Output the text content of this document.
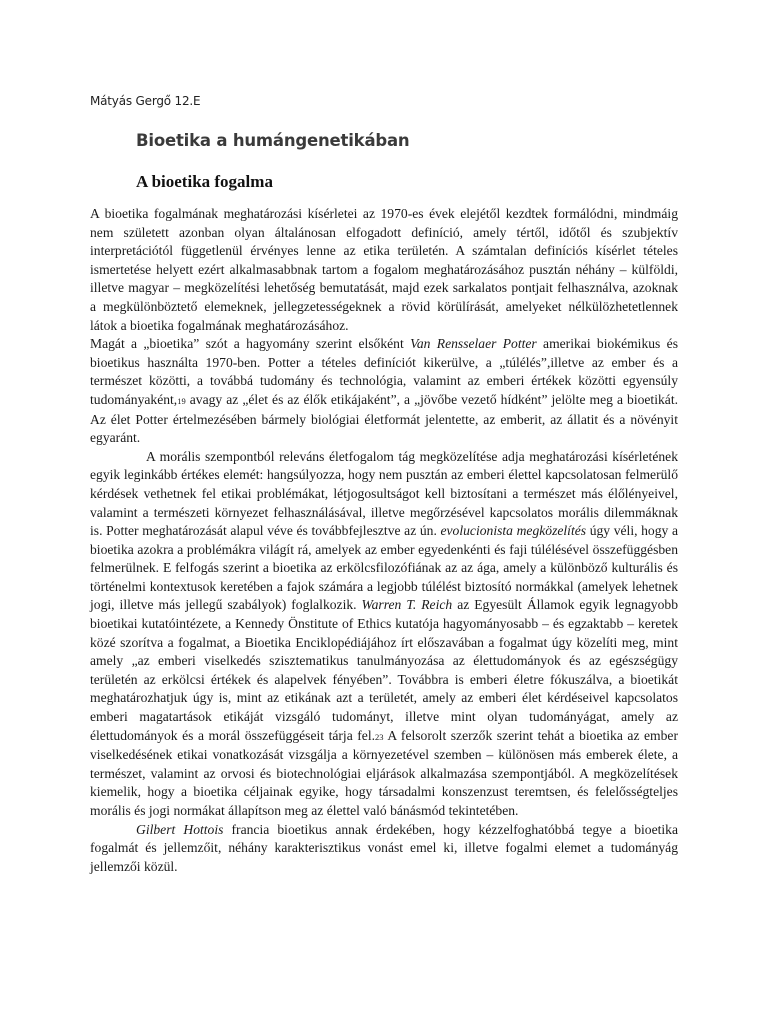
Mátyás Gergő 12.E
Bioetika a humángenetikában
A bioetika fogalma

A bioetika fogalmának meghatározási kísérletei az 1970-es évek elejétől kezdtek formálódni, mindmáig nem született azonban olyan általánosan elfogadott definíció, amely tértől, időtől és szubjektív interpretációtól függetlenül érvényes lenne az etika területén. A számtalan definíciós kísérlet tételes ismertetése helyett ezért alkalmasabbnak tartom a fogalom meghatározásához pusztán néhány – külföldi, illetve magyar – megközelítési lehetőség bemutatását, majd ezek sarkalatos pontjait felhasználva, azoknak a megkülönböztető elemeknek, jellegzetességeknek a rövid körülírását, amelyeket nélkülözhetetlennek látok a bioetika fogalmának meghatározásához.

Magát a „bioetika” szót a hagyomány szerint elsőként Van Rensselaer Potter amerikai biokémikus és bioetikus használta 1970-ben. Potter a tételes definíciót kikerülve, a „túlélés”,illetve az ember és a természet közötti, a továbbá tudomány és technológia, valamint az emberi értékek közötti egyensúly tudományaként,19 avagy az „élet és az élők etikájaként”, a „jövőbe vezető hídként” jelölte meg a bioetikát. Az élet Potter értelmezésében bármely biológiai életformát jelentette, az emberit, az állatit és a növényit egyaránt.

A morális szempontból releváns életfogalom tág megközelítése adja meghatározási kísérletének egyik leginkább értékes elemét: hangsúlyozza, hogy nem pusztán az emberi élettel kapcsolatosan felmerülő kérdések vethetnek fel etikai problémákat, létjogosultságot kell biztosítani a természet más élőlényeivel, valamint a természeti környezet felhasználásával, illetve megőrzésével kapcsolatos morális dilemmáknak is. Potter meghatározását alapul véve és továbbfejlesztve az ún. evolucionista megközelítés úgy véli, hogy a bioetika azokra a problémákra világít rá, amelyek az ember egyedenkénti és faji túlélésével összefüggésben felmerülnek. E felfogás szerint a bioetika az erkölcsfilozófiának az az ága, amely a különböző kulturális és történelmi kontextusok keretében a fajok számára a legjobb túlélést biztosító normákkal (amelyek lehetnek jogi, illetve más jellegű szabályok) foglalkozik. Warren T. Reich az Egyesült Államok egyik legnagyobb bioetikai kutatóintézete, a Kennedy Önstitute of Ethics kutatója hagyományosabb – és egzaktabb – keretek közé szorítva a fogalmat, a Bioetika Enciklopédiájához írt előszavában a fogalmat úgy közelíti meg, mint amely „az emberi viselkedés szisztematikus tanulmányozása az élettudományok és az egészségügy területén az erkölcsi értékek és alapelvek fényében”. Továbbra is emberi életre fókuszálva, a bioetikát meghatározhatjuk úgy is, mint az etikának azt a területét, amely az emberi élet kérdéseivel kapcsolatos emberi magatartások etikáját vizsgáló tudományt, illetve mint olyan tudományágat, amely az élettudományok és a morál összefüggéseit tárja fel.23 A felsorolt szerzők szerint tehát a bioetika az ember viselkedésének etikai vonatkozását vizsgálja a környezetével szemben – különösen más emberek élete, a természet, valamint az orvosi és biotechnológiai eljárások alkalmazása szempontjából. A megközelítések kiemelik, hogy a bioetika céljainak egyike, hogy társadalmi konszenzust teremtsen, és felelősségteljes morális és jogi normákat állapítson meg az élettel való bánásmód tekintetében.

Gilbert Hottois francia bioetikus annak érdekében, hogy kézzelfoghatóbbá tegye a bioetika fogalmát és jellemzőit, néhány karakterisztikus vonást emel ki, illetve fogalmi elemet a tudományág jellemzői közül.
